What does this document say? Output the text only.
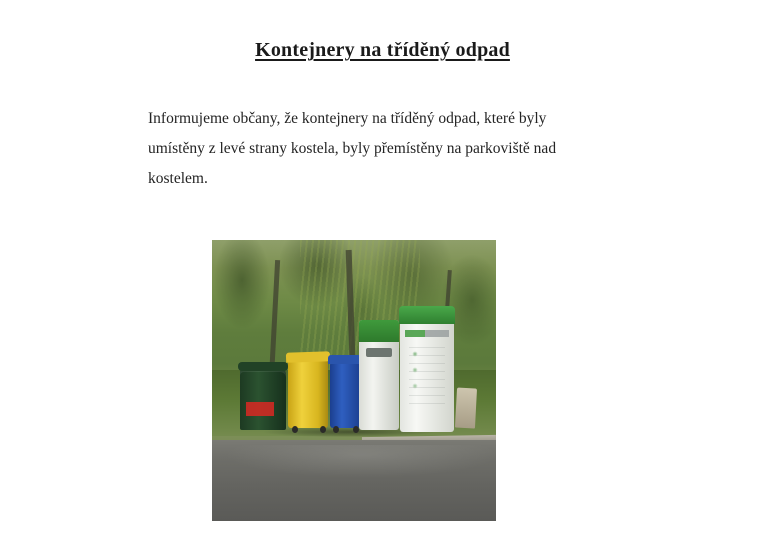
Kontejnery na tříděný odpad

Informujeme občany, že kontejnery na tříděný odpad, které byly umístěny z levé strany kostela, byly přemístěny na parkoviště nad kostelem.
